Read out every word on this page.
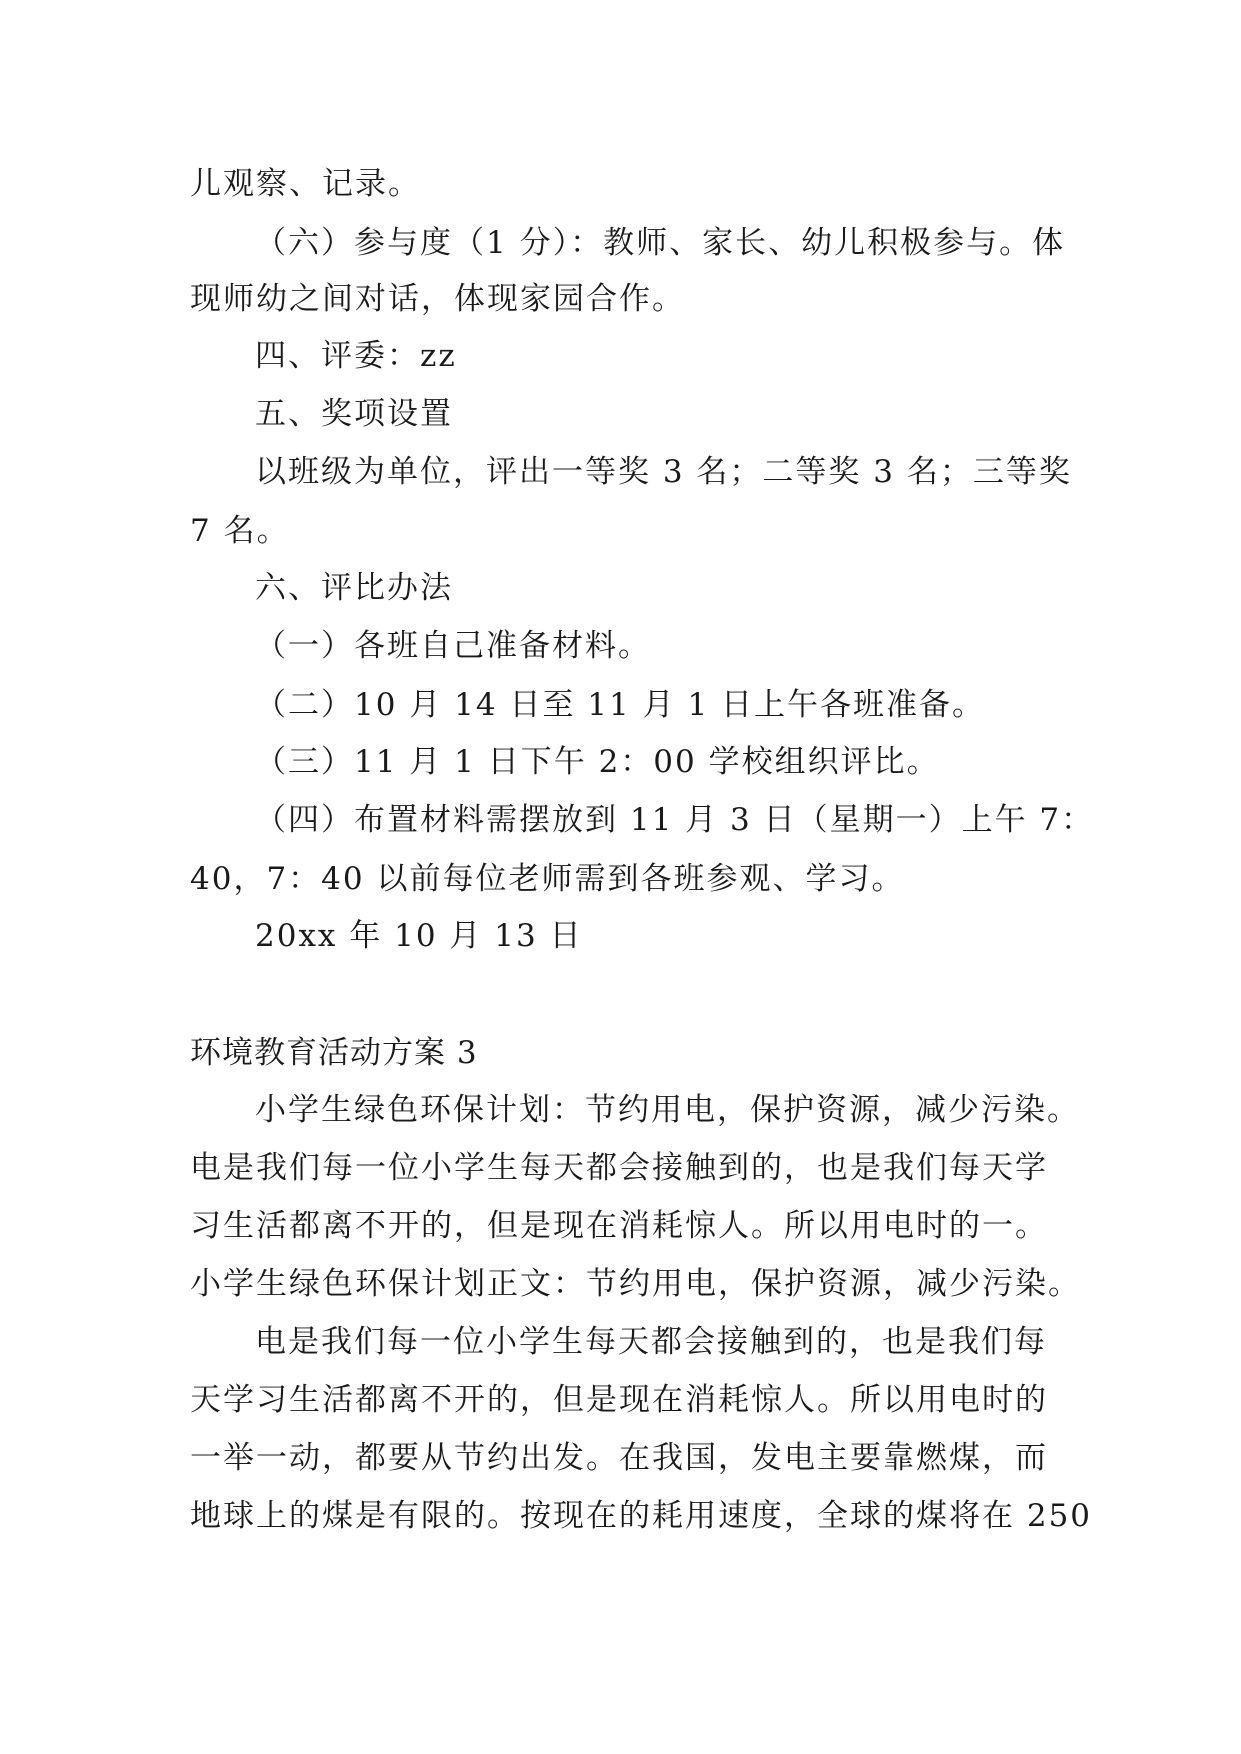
儿观察、记录。
（六）参与度（1 分）：教师、家长、幼儿积极参与。体
现师幼之间对话，体现家园合作。
四、评委：zz
五、奖项设置
以班级为单位，评出一等奖 3 名；二等奖 3 名；三等奖
7 名。
六、评比办法
（一）各班自己准备材料。
（二）10 月 14 日至 11 月 1 日上午各班准备。
（三）11 月 1 日下午 2：00 学校组织评比。
（四）布置材料需摆放到 11 月 3 日（星期一）上午 7：
40，7：40 以前每位老师需到各班参观、学习。
20xx 年 10 月 13 日
环境教育活动方案 3
小学生绿色环保计划：节约用电，保护资源，减少污染。
电是我们每一位小学生每天都会接触到的，也是我们每天学
习生活都离不开的，但是现在消耗惊人。所以用电时的一。
小学生绿色环保计划正文：节约用电，保护资源，减少污染。
电是我们每一位小学生每天都会接触到的，也是我们每
天学习生活都离不开的，但是现在消耗惊人。所以用电时的
一举一动，都要从节约出发。在我国，发电主要靠燃煤，而
地球上的煤是有限的。按现在的耗用速度，全球的煤将在 250
